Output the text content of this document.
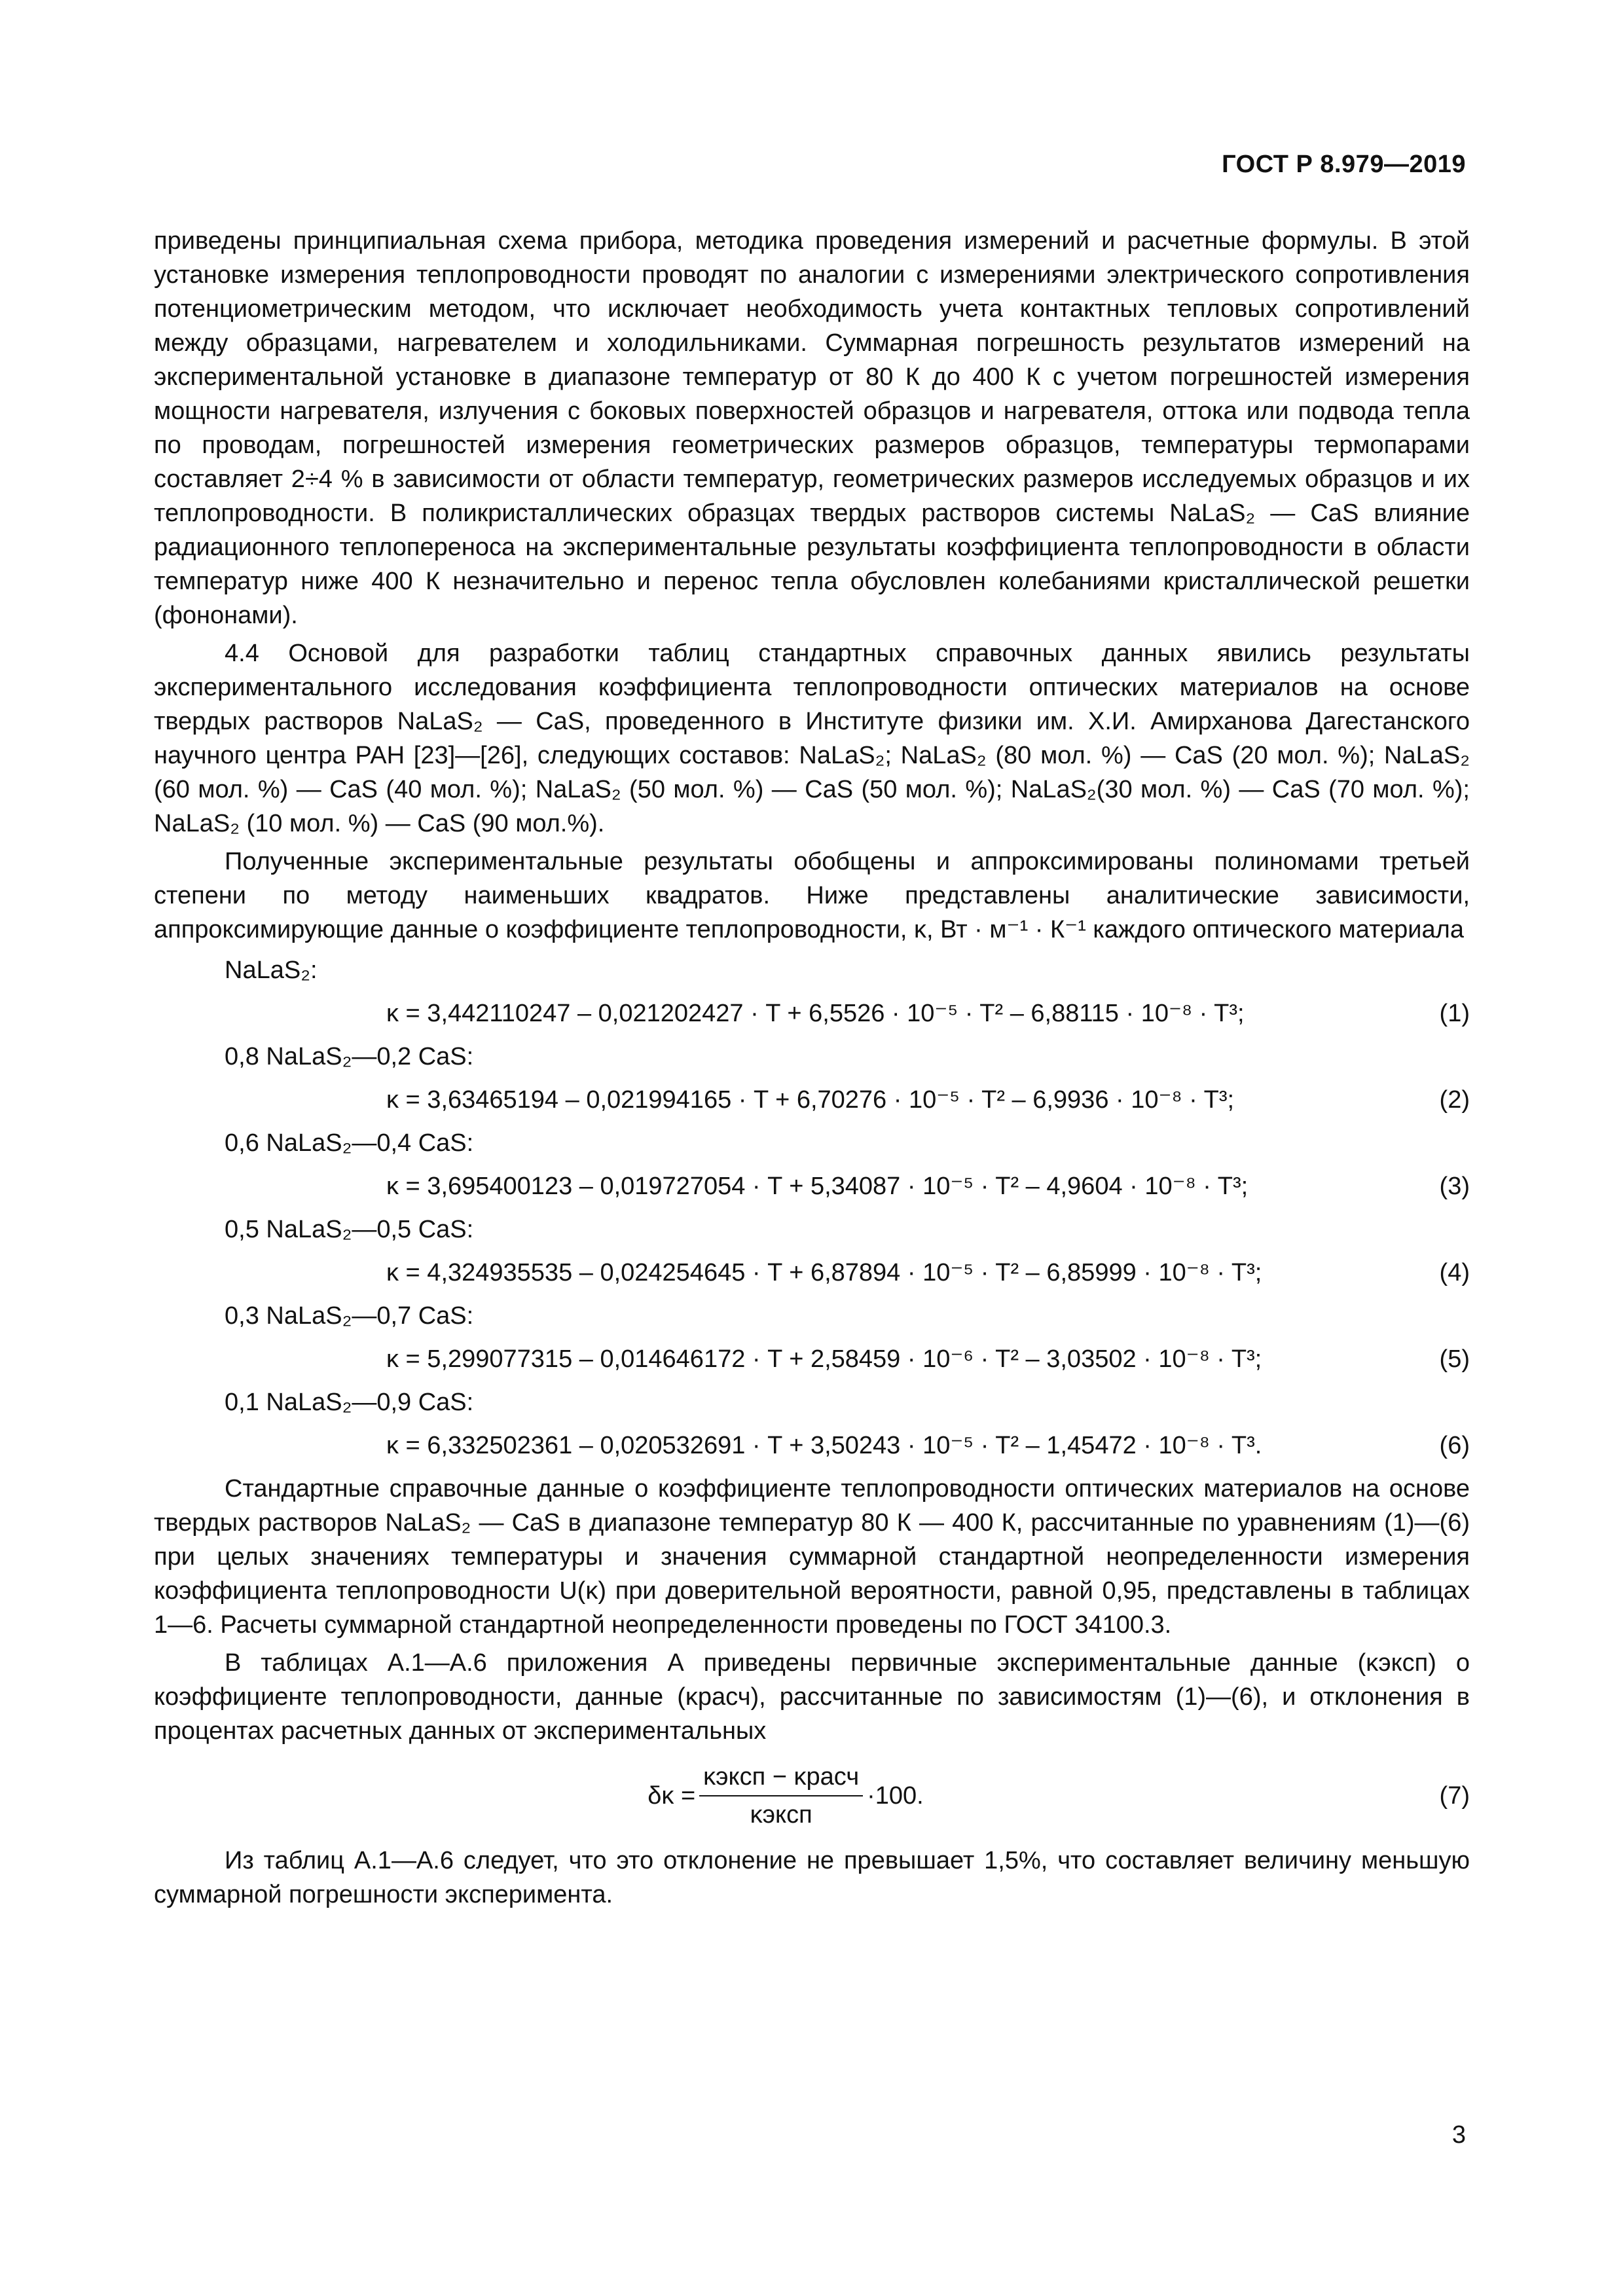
ГОСТ Р 8.979—2019

приведены принципиальная схема прибора, методика проведения измерений и расчетные формулы. В этой установке измерения теплопроводности проводят по аналогии с измерениями электрического сопротивления потенциометрическим методом, что исключает необходимость учета контактных тепловых сопротивлений между образцами, нагревателем и холодильниками. Суммарная погрешность результатов измерений на экспериментальной установке в диапазоне температур от 80 К до 400 К с учетом погрешностей измерения мощности нагревателя, излучения с боковых поверхностей образцов и нагревателя, оттока или подвода тепла по проводам, погрешностей измерения геометрических размеров образцов, температуры термопарами составляет 2÷4 % в зависимости от области температур, геометрических размеров исследуемых образцов и их теплопроводности. В поликристаллических образцах твердых растворов системы NaLaS₂ — CaS влияние радиационного теплопереноса на экспериментальные результаты коэффициента теплопроводности в области температур ниже 400 К незначительно и перенос тепла обусловлен колебаниями кристаллической решетки (фононами).

4.4 Основой для разработки таблиц стандартных справочных данных явились результаты экспериментального исследования коэффициента теплопроводности оптических материалов на основе твердых растворов NaLaS₂ — CaS, проведенного в Институте физики им. Х.И. Амирханова Дагестанского научного центра РАН [23]—[26], следующих составов: NaLaS₂; NaLaS₂ (80 мол. %) — CaS (20 мол. %); NaLaS₂ (60 мол. %) — CaS (40 мол. %); NaLaS₂ (50 мол. %) — CaS (50 мол. %); NaLaS₂(30 мол. %) — CaS (70 мол. %); NaLaS₂ (10 мол. %) — CaS (90 мол.%).

Полученные экспериментальные результаты обобщены и аппроксимированы полиномами третьей степени по методу наименьших квадратов. Ниже представлены аналитические зависимости, аппроксимирующие данные о коэффициенте теплопроводности, κ, Вт · м⁻¹ · К⁻¹ каждого оптического материала

NaLaS₂:
κ = 3,442110247 – 0,021202427 · T + 6,5526 · 10⁻⁵ · T² – 6,88115 · 10⁻⁸ · T³;	(1)
0,8 NaLaS₂—0,2 CaS:
κ = 3,63465194 – 0,021994165 · T + 6,70276 · 10⁻⁵ · T² – 6,9936 · 10⁻⁸ · T³;	(2)
0,6 NaLaS₂—0,4 CaS:
κ = 3,695400123 – 0,019727054 · T + 5,34087 · 10⁻⁵ · T² – 4,9604 · 10⁻⁸ · T³;	(3)
0,5 NaLaS₂—0,5 CaS:
κ = 4,324935535 – 0,024254645 · T + 6,87894 · 10⁻⁵ · T² – 6,85999 · 10⁻⁸ · T³;	(4)
0,3 NaLaS₂—0,7 CaS:
κ = 5,299077315 – 0,014646172 · T + 2,58459 · 10⁻⁶ · T² – 3,03502 · 10⁻⁸ · T³;	(5)
0,1 NaLaS₂—0,9 CaS:
κ = 6,332502361 – 0,020532691 · T + 3,50243 · 10⁻⁵ · T² – 1,45472 · 10⁻⁸ · T³.	(6)

Стандартные справочные данные о коэффициенте теплопроводности оптических материалов на основе твердых растворов NaLaS₂ — CaS в диапазоне температур 80 К — 400 К, рассчитанные по уравнениям (1)—(6) при целых значениях температуры и значения суммарной стандартной неопределенности измерения коэффициента теплопроводности U(κ) при доверительной вероятности, равной 0,95, представлены в таблицах 1—6. Расчеты суммарной стандартной неопределенности проведены по ГОСТ 34100.3.

В таблицах А.1—А.6 приложения А приведены первичные экспериментальные данные (κэксп) о коэффициенте теплопроводности, данные (κрасч), рассчитанные по зависимостям (1)—(6), и отклонения в процентах расчетных данных от экспериментальных

$\delta\kappa = \frac{\text{κэксп − κрасч}}{\text{κэксп}} \cdot 100$.	(7)

Из таблиц А.1—А.6 следует, что это отклонение не превышает 1,5%, что составляет величину меньшую суммарной погрешности эксперимента.

3
